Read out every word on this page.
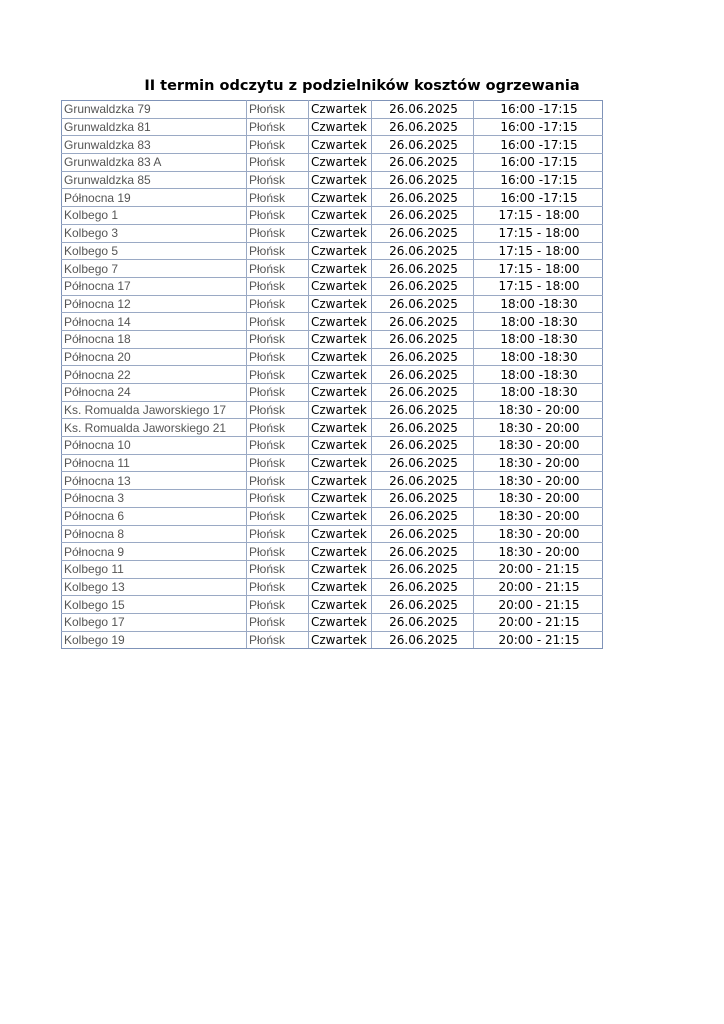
II termin odczytu z podzielników kosztów ogrzewania
Grunwaldzka 79	Płońsk	Czwartek	26.06.2025	16:00 -17:15
Grunwaldzka 81	Płońsk	Czwartek	26.06.2025	16:00 -17:15
Grunwaldzka 83	Płońsk	Czwartek	26.06.2025	16:00 -17:15
Grunwaldzka 83 A	Płońsk	Czwartek	26.06.2025	16:00 -17:15
Grunwaldzka 85	Płońsk	Czwartek	26.06.2025	16:00 -17:15
Północna 19	Płońsk	Czwartek	26.06.2025	16:00 -17:15
Kolbego 1	Płońsk	Czwartek	26.06.2025	17:15 - 18:00
Kolbego 3	Płońsk	Czwartek	26.06.2025	17:15 - 18:00
Kolbego 5	Płońsk	Czwartek	26.06.2025	17:15 - 18:00
Kolbego 7	Płońsk	Czwartek	26.06.2025	17:15 - 18:00
Północna 17	Płońsk	Czwartek	26.06.2025	17:15 - 18:00
Północna 12	Płońsk	Czwartek	26.06.2025	18:00 -18:30
Północna 14	Płońsk	Czwartek	26.06.2025	18:00 -18:30
Północna 18	Płońsk	Czwartek	26.06.2025	18:00 -18:30
Północna 20	Płońsk	Czwartek	26.06.2025	18:00 -18:30
Północna 22	Płońsk	Czwartek	26.06.2025	18:00 -18:30
Północna 24	Płońsk	Czwartek	26.06.2025	18:00 -18:30
Ks. Romualda Jaworskiego 17	Płońsk	Czwartek	26.06.2025	18:30 - 20:00
Ks. Romualda Jaworskiego 21	Płońsk	Czwartek	26.06.2025	18:30 - 20:00
Północna 10	Płońsk	Czwartek	26.06.2025	18:30 - 20:00
Północna 11	Płońsk	Czwartek	26.06.2025	18:30 - 20:00
Północna 13	Płońsk	Czwartek	26.06.2025	18:30 - 20:00
Północna 3	Płońsk	Czwartek	26.06.2025	18:30 - 20:00
Północna 6	Płońsk	Czwartek	26.06.2025	18:30 - 20:00
Północna 8	Płońsk	Czwartek	26.06.2025	18:30 - 20:00
Północna 9	Płońsk	Czwartek	26.06.2025	18:30 - 20:00
Kolbego 11	Płońsk	Czwartek	26.06.2025	20:00 - 21:15
Kolbego 13	Płońsk	Czwartek	26.06.2025	20:00 - 21:15
Kolbego 15	Płońsk	Czwartek	26.06.2025	20:00 - 21:15
Kolbego 17	Płońsk	Czwartek	26.06.2025	20:00 - 21:15
Kolbego 19	Płońsk	Czwartek	26.06.2025	20:00 - 21:15
